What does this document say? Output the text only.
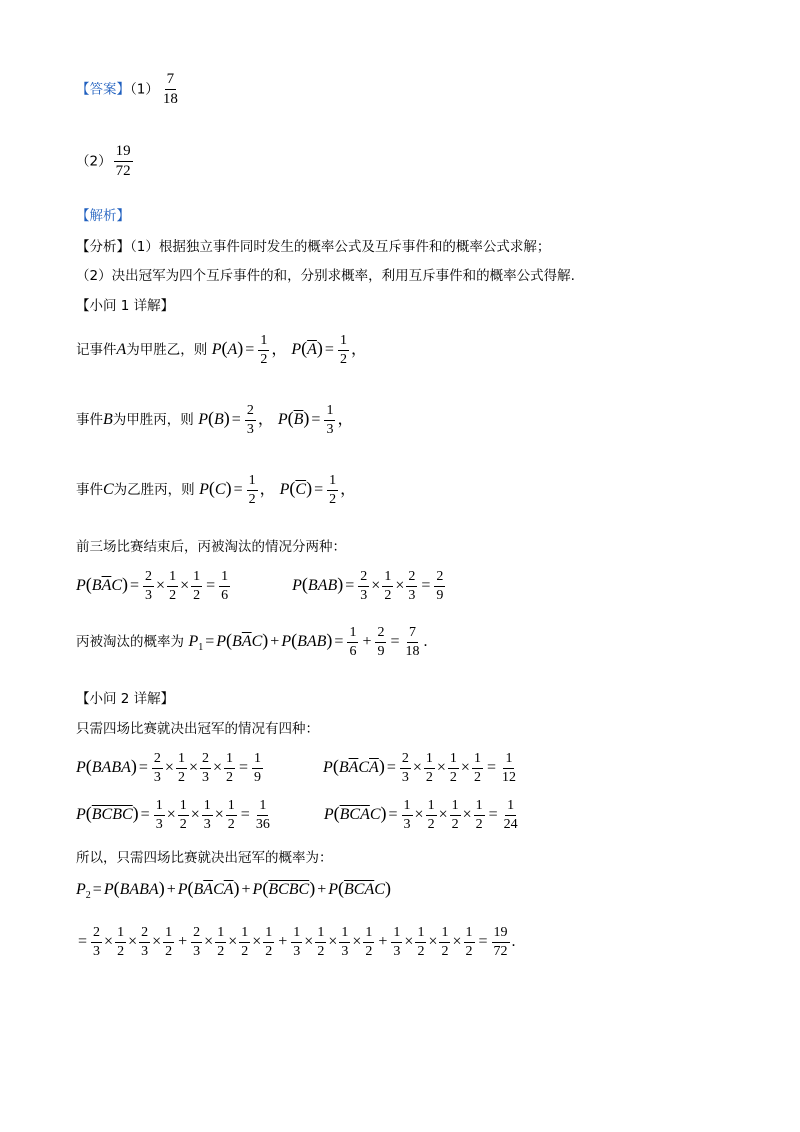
【答案】$(1) \frac{7}{18}$
$(2) \frac{19}{72}$
【解析】
【分析】（1）根据独立事件同时发生的概率公式及互斥事件和的概率公式求解；
（2）决出冠军为四个互斥事件的和，分别求概率，利用互斥事件和的概率公式得解.
【小问 1 详解】
记事件A为甲胜乙，则 $P(A) = \frac{1}{2}$ ， $P(\overline{A}) = \frac{1}{2}$ ，
事件B为甲胜丙，则 $P(B) = \frac{2}{3}$ ， $P(\overline{B}) = \frac{1}{3}$ ，
事件C为乙胜丙，则 $P(C) = \frac{1}{2}$ ， $P(\overline{C}) = \frac{1}{2}$ ，
前三场比赛结束后，丙被淘汰的情况分两种：
$P(B\overline{A}C) = \frac{2}{3} \times \frac{1}{2} \times \frac{1}{2} = \frac{1}{6}$	$P(BAB) = \frac{2}{3} \times \frac{1}{2} \times \frac{2}{3} = \frac{2}{9}$
丙被淘汰的概率为 $P_1 = P(B\overline{A}C) + P(BAB) = \frac{1}{6} + \frac{2}{9} = \frac{7}{18}$ .
【小问 2 详解】
只需四场比赛就决出冠军的情况有四种：
P(BABA) = $\frac{2}{3} \times \frac{1}{2} \times \frac{2}{3} \times \frac{1}{2} = \frac{1}{9}$	$P(B\overline{A}C\overline{A}) = \frac{2}{3} \times \frac{1}{2} \times \frac{1}{2} \times \frac{1}{2} = \frac{1}{12}$
P(BCBC) = $\frac{1}{3} \times \frac{1}{2} \times \frac{1}{3} \times \frac{1}{2} = \frac{1}{36}$	$P(\overline{BC}\overline{A}C) = \frac{1}{3} \times \frac{1}{2} \times \frac{1}{2} \times \frac{1}{2} = \frac{1}{24}$
所以，只需四场比赛就决出冠军的概率为：
$P_2$ = P(BABA) + $P(B\overline{A}C\overline{A})$ + P(BCBC) + $P(\overline{BC}\overline{A}C)$
= $\frac{2}{3} \times \frac{1}{2} \times \frac{2}{3} \times \frac{1}{2} + \frac{2}{3} \times \frac{1}{2} \times \frac{1}{2} \times \frac{1}{2} + \frac{1}{3} \times \frac{1}{2} \times \frac{1}{3} \times \frac{1}{2} + \frac{1}{3} \times \frac{1}{2} \times \frac{1}{2} \times \frac{1}{2} = \frac{19}{72}$ .
